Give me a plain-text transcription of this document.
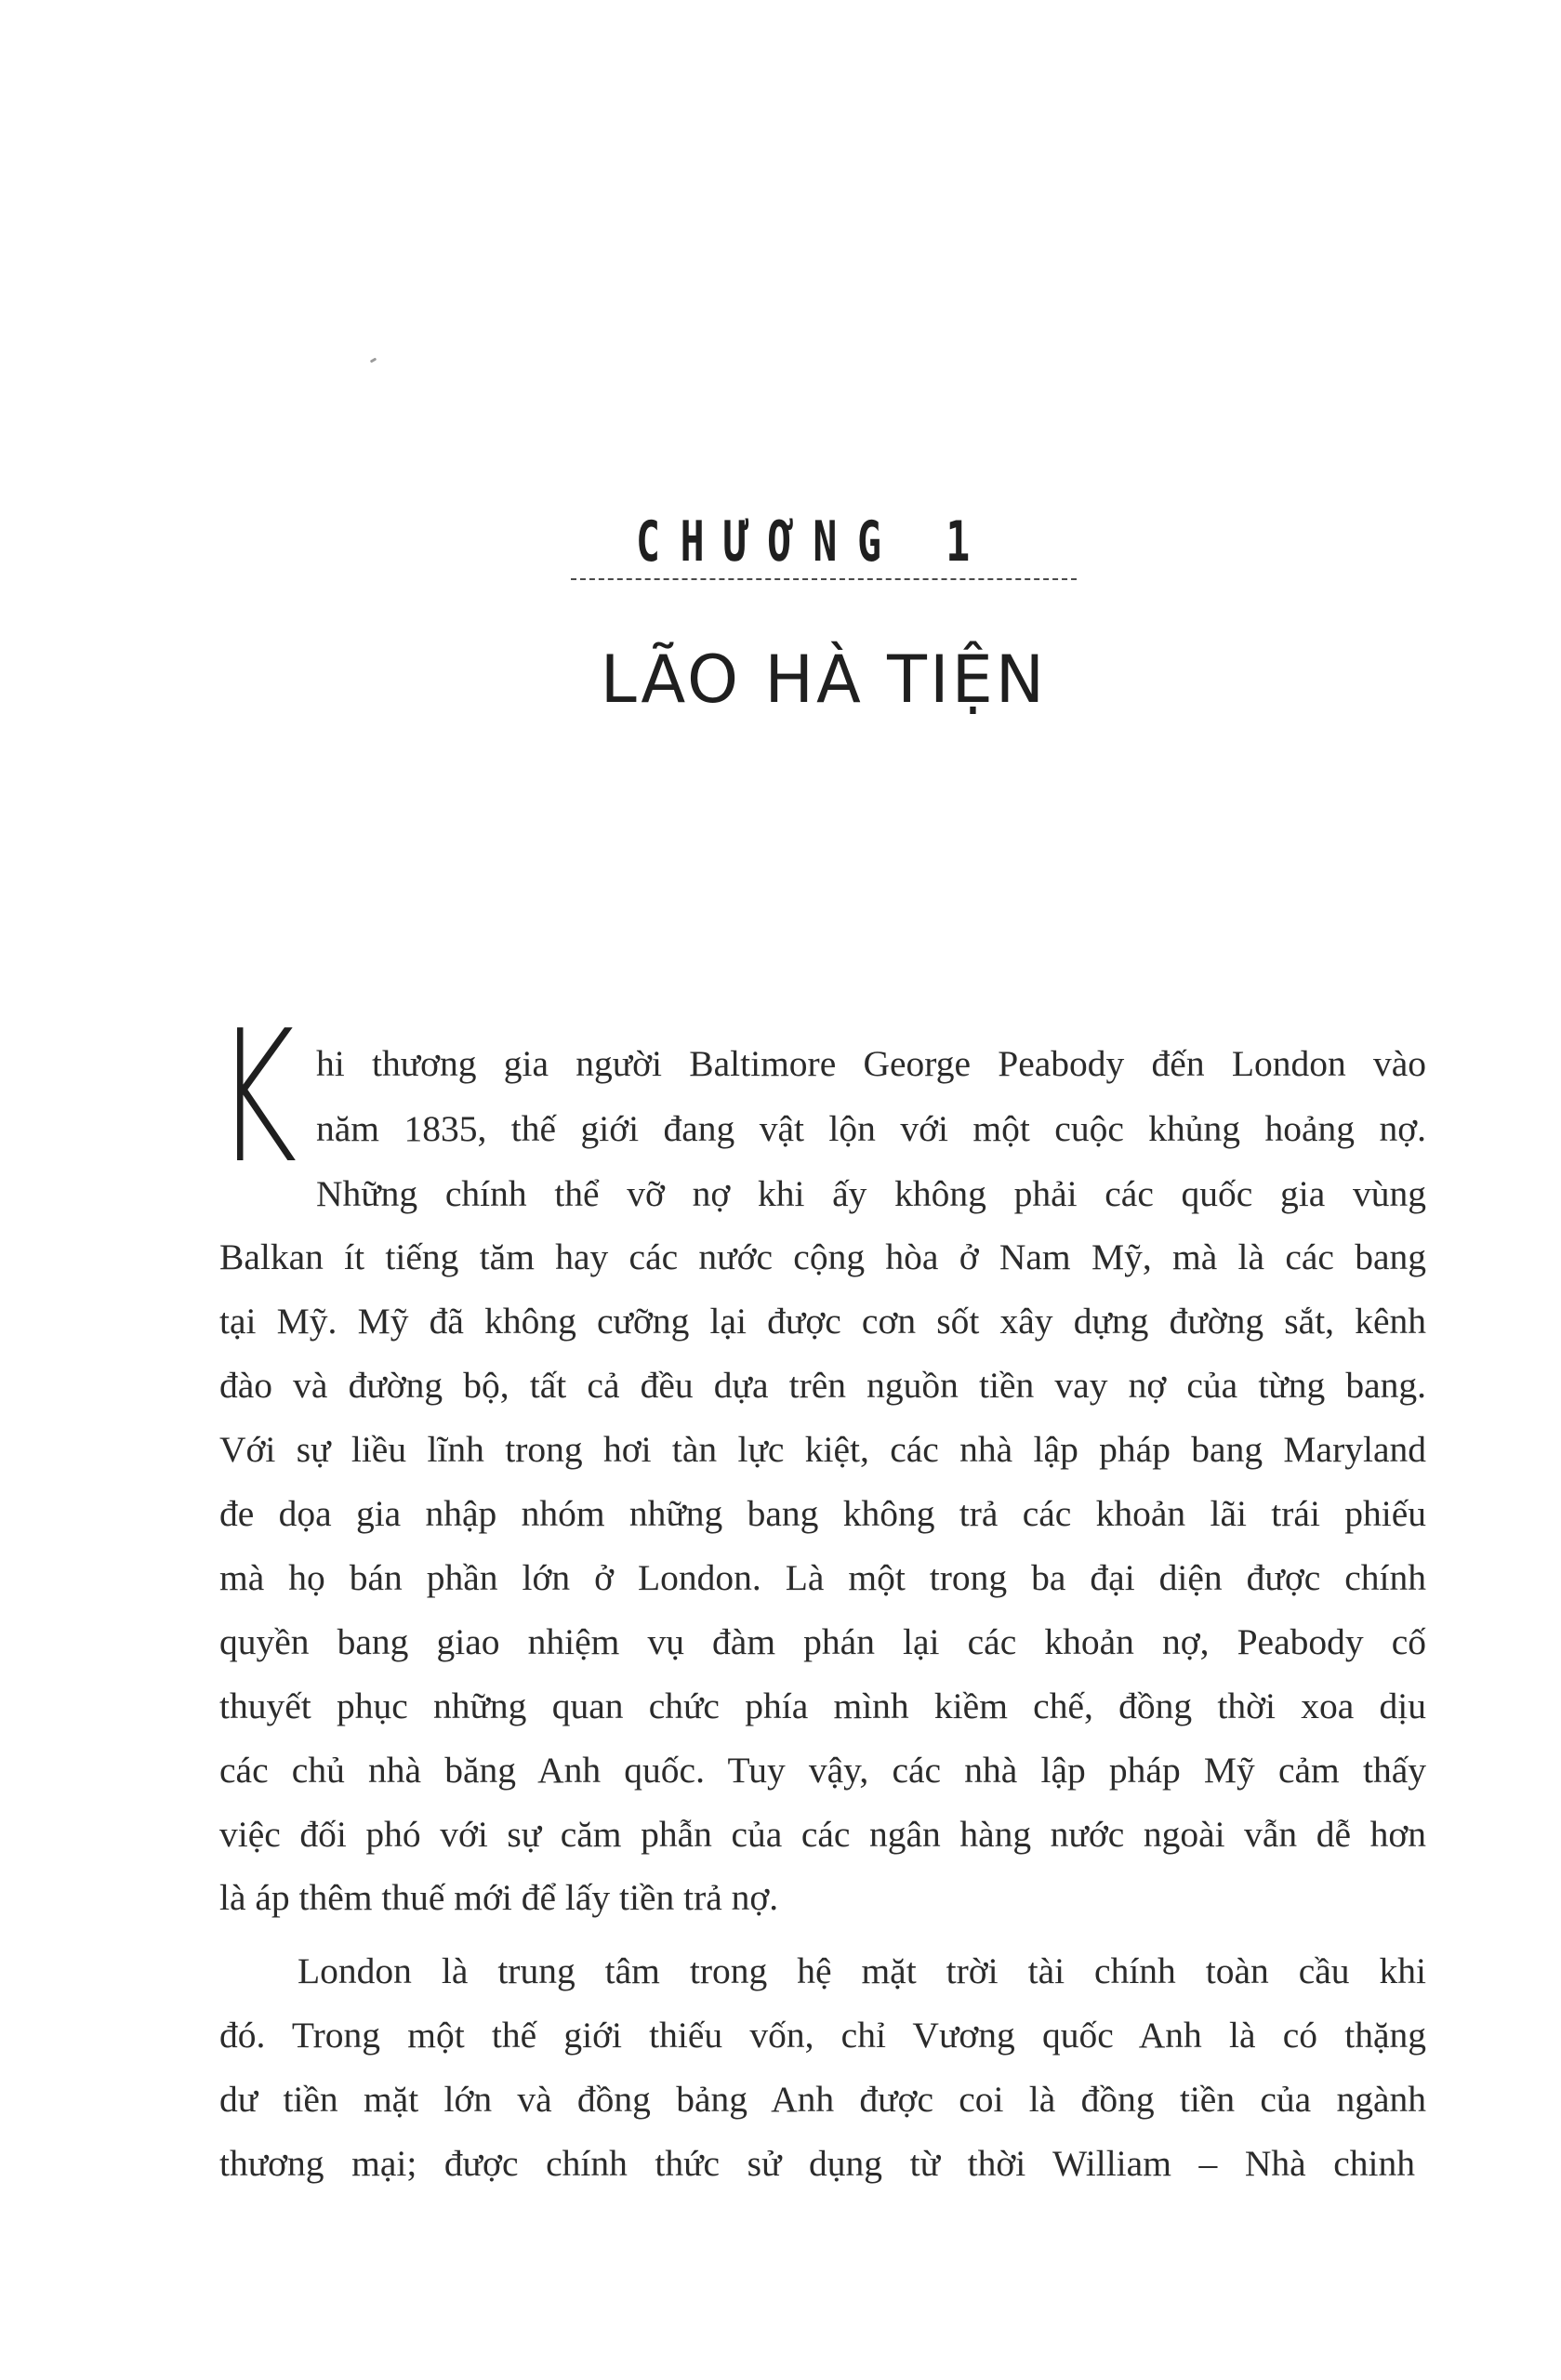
CHƯƠNG 1
LÃO HÀ TIỆN
K hi thương gia người Baltimore George Peabody đến London vào
năm 1835, thế giới đang vật lộn với một cuộc khủng hoảng nợ.
Những chính thể vỡ nợ khi ấy không phải các quốc gia vùng
Balkan ít tiếng tăm hay các nước cộng hòa ở Nam Mỹ, mà là các bang
tại Mỹ. Mỹ đã không cưỡng lại được cơn sốt xây dựng đường sắt, kênh
đào và đường bộ, tất cả đều dựa trên nguồn tiền vay nợ của từng bang.
Với sự liều lĩnh trong hơi tàn lực kiệt, các nhà lập pháp bang Maryland
đe dọa gia nhập nhóm những bang không trả các khoản lãi trái phiếu
mà họ bán phần lớn ở London. Là một trong ba đại diện được chính
quyền bang giao nhiệm vụ đàm phán lại các khoản nợ, Peabody cố
thuyết phục những quan chức phía mình kiềm chế, đồng thời xoa dịu
các chủ nhà băng Anh quốc. Tuy vậy, các nhà lập pháp Mỹ cảm thấy
việc đối phó với sự căm phẫn của các ngân hàng nước ngoài vẫn dễ hơn
là áp thêm thuế mới để lấy tiền trả nợ.
London là trung tâm trong hệ mặt trời tài chính toàn cầu khi
đó. Trong một thế giới thiếu vốn, chỉ Vương quốc Anh là có thặng
dư tiền mặt lớn và đồng bảng Anh được coi là đồng tiền của ngành
thương mại; được chính thức sử dụng từ thời William – Nhà chinh
